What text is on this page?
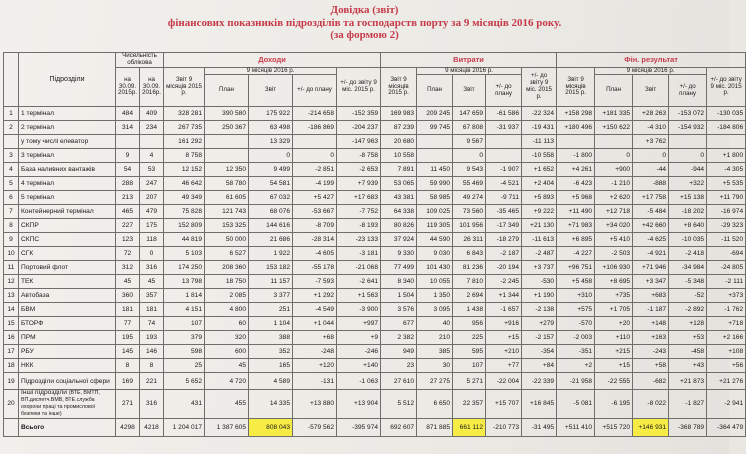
Довідка (звіт)
фінансових показників підрозділів та господарств порту за 9 місяців 2016 року.
(за формою 2)
	Підрозділи	Чисельність облікова		Доходи					Витрати					Фін. результат				
		на 30.09. 2015р.	на 30.09. 2016р.	Звіт 9 місяців 2015 р.	9 місяців 2016 р.			+/- до звіту 9 міс. 2015 р.	Звіт 9 місяців 2015 р.	9 місяців 2016 р.			+/- до звіту 9 міс. 2015 р.	Звіт 9 місяців 2015 р.	9 місяців 2016 р.			+/- до звіту 9 міс. 2015 р.
					План	Звіт	+/- до плану			План	Звіт	+/- до плану			План	Звіт	+/- до плану	
1	1 термінал	484	409	328 281	390 580	175 922	-214 658	-152 359	169 983	209 245	147 659	-61 586	-22 324	+158 298	+181 335	+28 263	-153 072	-130 035
2	2 термінал	314	234	267 735	250 367	63 498	-186 869	-204 237	87 239	99 745	67 808	-31 937	-19 431	+180 496	+150 622	-4 310	-154 932	-184 806
	у тому числі елеватор			161 292		13 329		-147 963	20 680		9 567		-11 113			+3 762		
3	3 термінал	9	4	8 758		0	0	-8 758	10 558		0		-10 558	-1 800	0	0	0	+1 800
4	База наливних вантажів	54	53	12 152	12 350	9 499	-2 851	-2 653	7 891	11 450	9 543	-1 907	+1 652	+4 261	+900	-44	-944	-4 305
5	4 термінал	288	247	46 642	58 780	54 581	-4 199	+7 939	53 065	59 990	55 469	-4 521	+2 404	-6 423	-1 210	-888	+322	+5 535
6	5 термінал	213	207	49 349	61 605	67 032	+5 427	+17 683	43 381	58 985	49 274	-9 711	+5 893	+5 968	+2 620	+17 758	+15 138	+11 790
7	Контейнерний термінал	465	479	75 828	121 743	68 076	-53 667	-7 752	64 338	109 025	73 560	-35 465	+9 222	+11 490	+12 718	-5 484	-18 202	-16 974
8	СКПР	227	175	152 809	153 325	144 616	-8 709	-8 193	80 826	119 305	101 956	-17 349	+21 130	+71 983	+34 020	+42 660	+8 640	-29 323
9	СКПС	123	118	44 819	50 000	21 686	-28 314	-23 133	37 924	44 590	26 311	-18 279	-11 613	+6 895	+5 410	-4 625	-10 035	-11 520
10	СГК	72	0	5 103	6 527	1 922	-4 605	-3 181	9 330	9 030	6 843	-2 187	-2 487	-4 227	-2 503	-4 921	-2 418	-694
11	Портовий флот	312	316	174 250	208 360	153 182	-55 178	-21 068	77 499	101 430	81 236	-20 194	+3 737	+96 751	+106 930	+71 946	-34 984	-24 805
12	ТЕК	45	45	13 798	18 750	11 157	-7 593	-2 641	8 340	10 055	7 810	-2 245	-530	+5 458	+8 695	+3 347	-5 348	-2 111
13	Автобаза	360	357	1 814	2 085	3 377	+1 292	+1 563	1 504	1 350	2 694	+1 344	+1 190	+310	+735	+683	-52	+373
14	БВМ	181	181	4 151	4 800	251	-4 549	-3 900	3 576	3 095	1 438	-1 657	-2 138	+575	+1 705	-1 187	-2 892	-1 762
15	БТОРФ	77	74	107	60	1 104	+1 044	+997	677	40	956	+916	+279	-570	+20	+148	+128	+718
16	ПРМ	195	193	379	320	388	+68	+9	2 382	210	225	+15	-2 157	-2 003	+110	+163	+53	+2 166
17	РБУ	145	146	598	600	352	-248	-246	949	385	595	+210	-354	-351	+215	-243	-458	+108
18	НКК	8	8	25	45	165	+120	+140	23	30	107	+77	+84	+2	+15	+58	+43	+56
19	Підрозділи соціальної сфери	169	221	5 652	4 720	4 589	-131	-1 063	27 610	27 275	5 271	-22 004	-22 339	-21 958	-22 555	-682	+21 873	+21 276
20	Інші підрозділи (ВТЕ, ВМТП, ВП.диспетч.ВМВ, ВТЕ.служба охорони праці та промислової безпеки та інше)	271	316	431	455	14 335	+13 880	+13 904	5 512	6 650	22 357	+15 707	+16 845	-5 081	-6 195	-8 022	-1 827	-2 941
	Всього	4298	4218	1 204 017	1 387 605	808 043	-579 562	-395 974	692 607	871 885	661 112	-210 773	-31 495	+511 410	+515 720	+146 931	-368 789	-364 479
